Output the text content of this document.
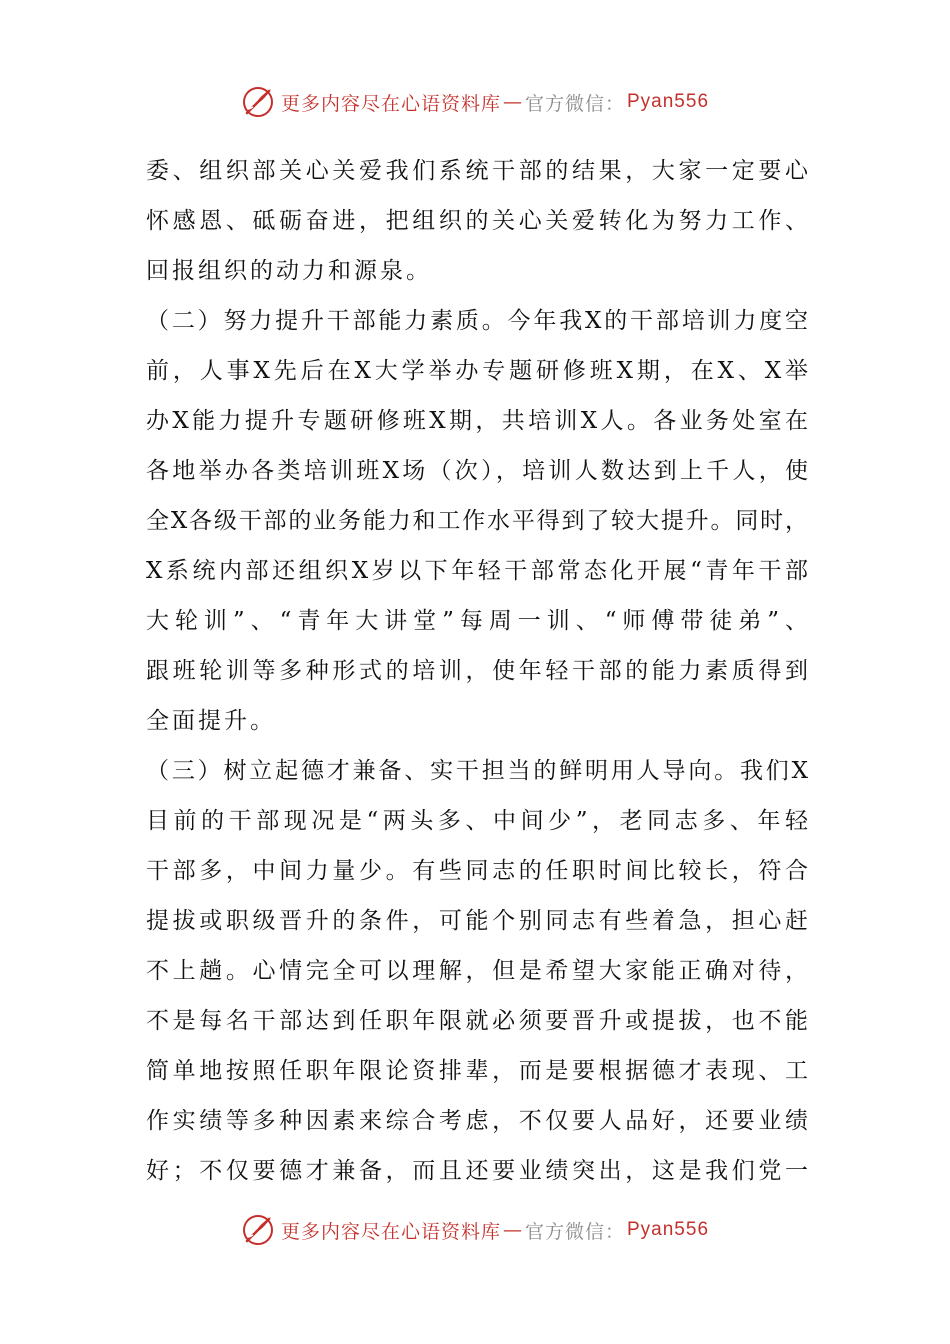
更多内容尽在心语资料库 — 官方微信： Pyan556
委、组织部关心关爱我们系统干部的结果，大家一定要心
怀感恩、砥砺奋进，把组织的关心关爱转化为努力工作、
回报组织的动力和源泉。
（二）努力提升干部能力素质。今年我X的干部培训力度空
前，人事X先后在X大学举办专题研修班X期，在X、X举
办X能力提升专题研修班X期，共培训X人。各业务处室在
各地举办各类培训班X场（次），培训人数达到上千人，使
全X各级干部的业务能力和工作水平得到了较大提升。同时，
X系统内部还组织X岁以下年轻干部常态化开展“青年干部
大轮训”、“青年大讲堂”每周一训、“师傅带徒弟”、
跟班轮训等多种形式的培训，使年轻干部的能力素质得到
全面提升。
（三）树立起德才兼备、实干担当的鲜明用人导向。我们X
目前的干部现况是“两头多、中间少”，老同志多、年轻
干部多，中间力量少。有些同志的任职时间比较长，符合
提拔或职级晋升的条件，可能个别同志有些着急，担心赶
不上趟。心情完全可以理解，但是希望大家能正确对待，
不是每名干部达到任职年限就必须要晋升或提拔，也不能
简单地按照任职年限论资排辈，而是要根据德才表现、工
作实绩等多种因素来综合考虑，不仅要人品好，还要业绩
好；不仅要德才兼备，而且还要业绩突出，这是我们党一
更多内容尽在心语资料库 — 官方微信： Pyan556
